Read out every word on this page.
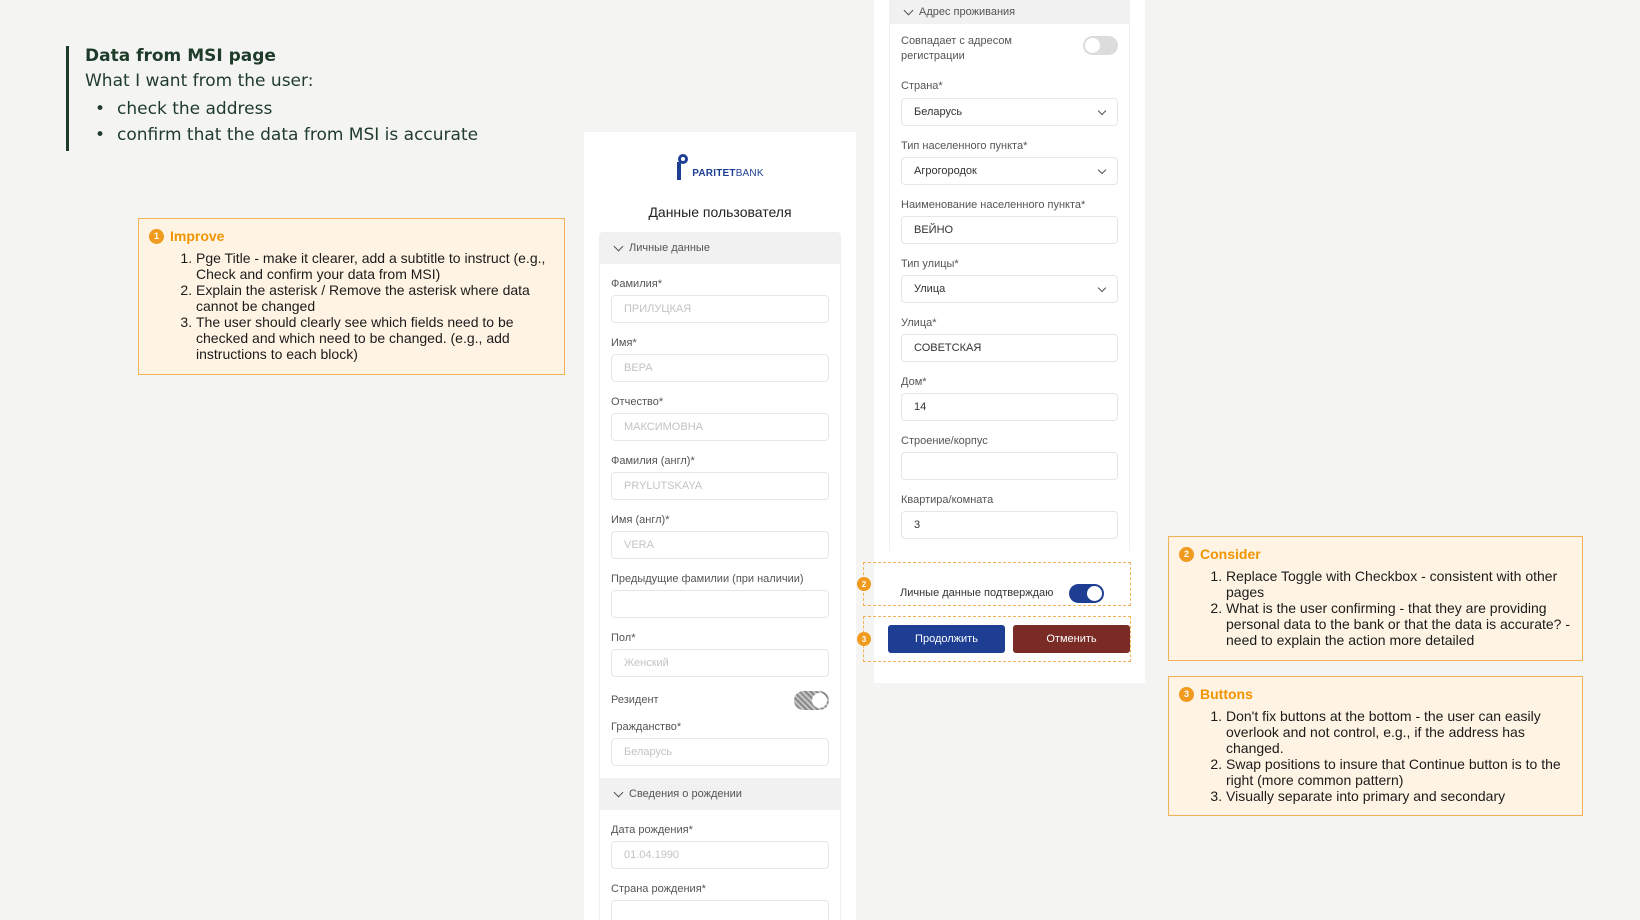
Data from MSI page
What I want from the user:
• check the address
• confirm that the data from MSI is accurate
1 Improve
1. Pge Title - make it clearer, add a subtitle to instruct (e.g., Check and confirm your data from MSI)
2. Explain the asterisk / Remove the asterisk where data cannot be changed
3. The user should clearly see which fields need to be checked and which need to be changed. (e.g., add instructions to each block)
2 Consider
1. Replace Toggle with Checkbox - consistent with other pages
2. What is the user confirming - that they are providing personal data to the bank or that the data is accurate? - need to explain the action more detailed
3 Buttons
1. Don't fix buttons at the bottom - the user can easily overlook and not control, e.g., if the address has changed.
2. Swap positions to insure that Continue button is to the right (more common pattern)
3. Visually separate into primary and secondary
PARITETBANK
Данные пользователя
Личные данные
Фамилия*
ПРИЛУЦКАЯ
Имя*
ВЕРА
Отчество*
МАКСИМОВНА
Фамилия (англ)*
PRYLUTSKAYA
Имя (англ)*
VERA
Предыдущие фамилии (при наличии)
Пол*
Женский
Резидент
Гражданство*
Беларусь
Сведения о рождении
Дата рождения*
01.04.1990
Страна рождения*
Адрес проживания
Совпадает с адресом регистрации
Страна*
Беларусь
Тип населенного пункта*
Агрогородок
Наименование населенного пункта*
ВЕЙНО
Тип улицы*
Улица
Улица*
СОВЕТСКАЯ
Дом*
14
Строение/корпус
Квартира/комната
3
Личные данные подтверждаю
Продолжить	Отменить
2
3
